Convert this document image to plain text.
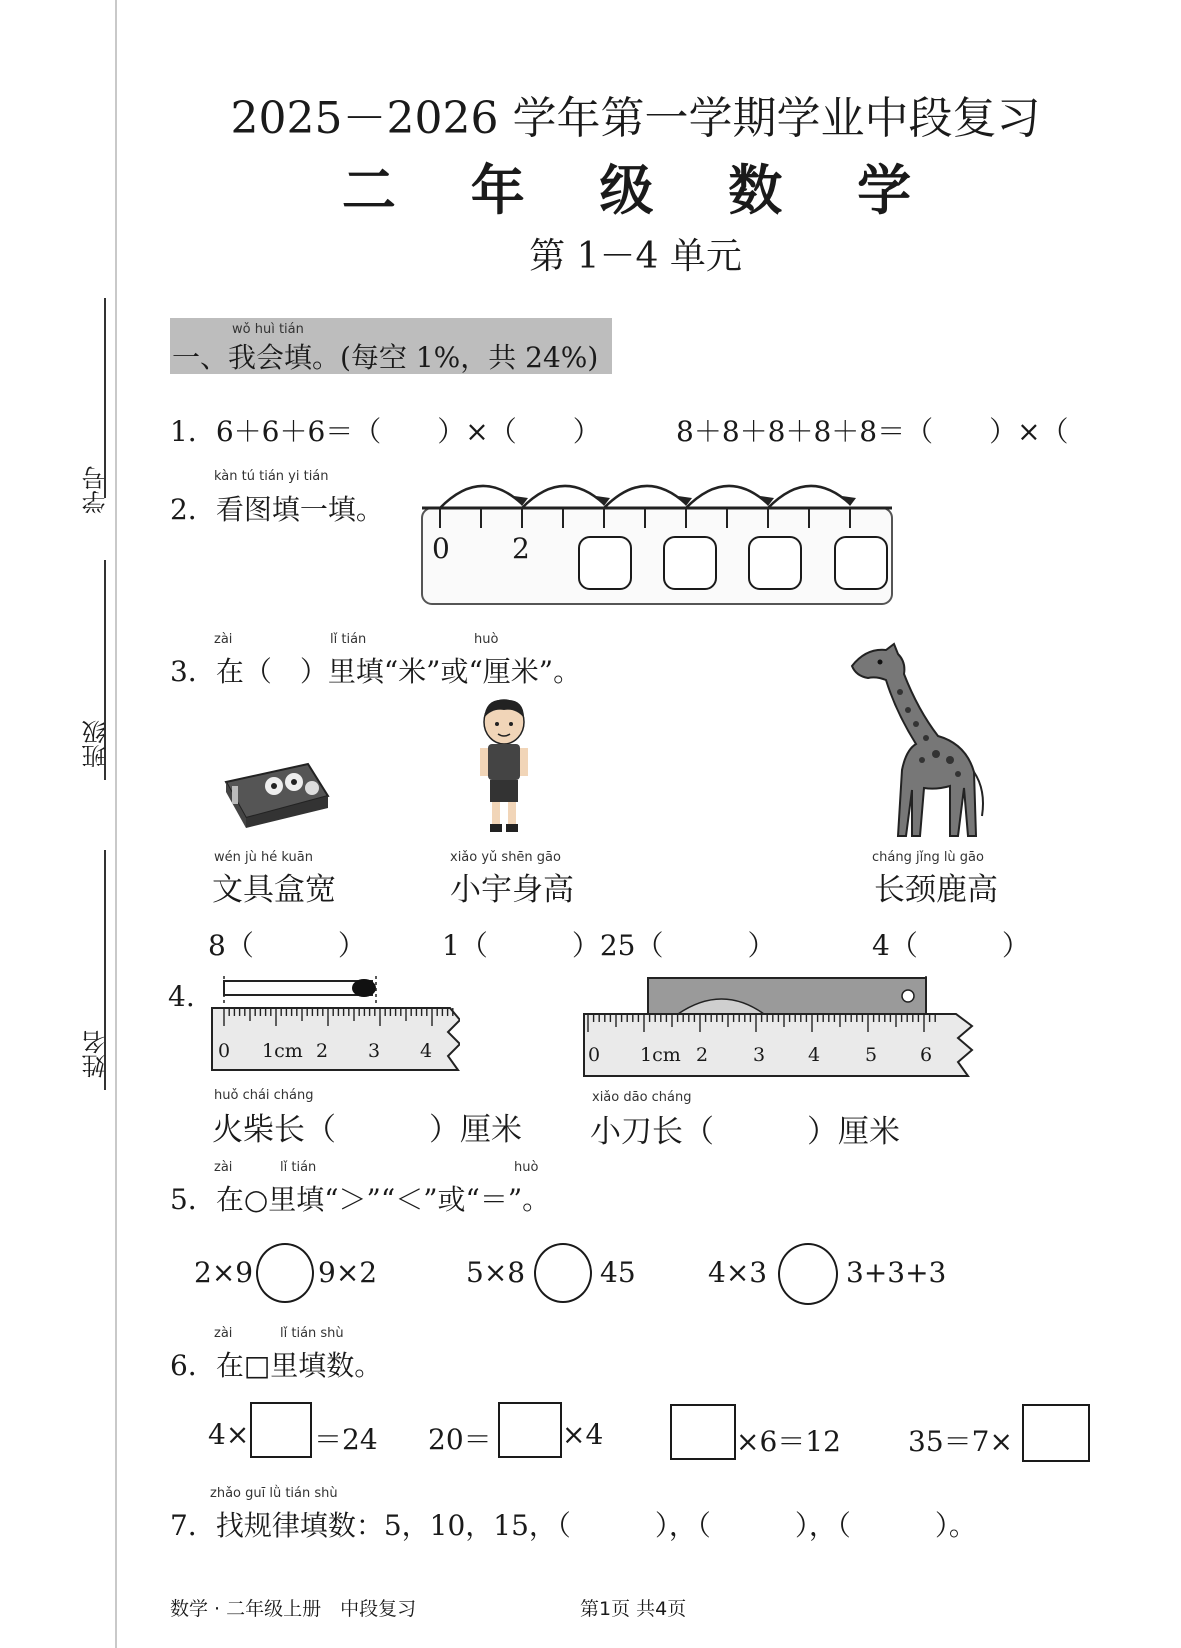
学号
班级
姓名
2025－2026 学年第一学期学业中段复习
二 年 级 数 学
第 1－4 单元
wǒ huì tián
一、我会填。(每空 1%，共 24%)
1．6＋6＋6＝（　　）×（　　）	8＋8＋8＋8＋8＝（　　）×（
kàn tú tián yi tián
2．看图填一填。
0 2
zài	lǐ tián	huò
3．在（　）里填“米”或“厘米”。
wén jù hé kuān
文具盒宽
xiǎo yǔ shēn gāo
小宇身高
cháng jǐng lù gāo
长颈鹿高
8（　　　）	1（　　　）25（　　　）	4（　　　）
4.
0 1cm 2 3 4	0 1cm 2 3 4 5 6
huǒ chái cháng
火柴长（　　　）厘米
xiǎo dāo cháng
小刀长（　　　）厘米
zài	lǐ tián	huò
5．在○里填“＞”“＜”或“＝”。
2×9 9×2	5×8	45	4×3	3+3+3
zài	lǐ tián shù
6．在□里填数。
4× ＝24 20＝	×4	×6＝12 35＝7×
zhǎo guī lǜ tián shù
7．找规律填数：5，10，15，（　　　），（　　　），（　　　）。
数学 · 二年级上册　中段复习	第1页 共4页
